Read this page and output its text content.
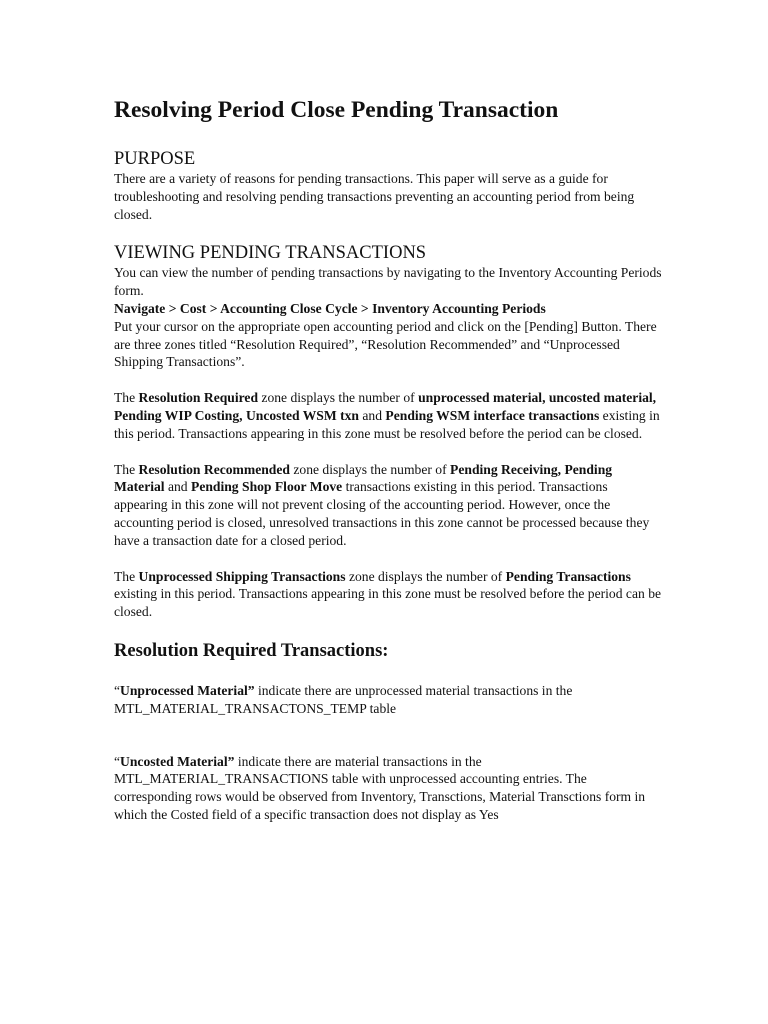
Resolving Period Close Pending Transaction
PURPOSE

There are a variety of reasons for pending transactions. This paper will serve as a guide for troubleshooting and resolving pending transactions preventing an accounting period from being closed.

VIEWING PENDING TRANSACTIONS

You can view the number of pending transactions by navigating to the Inventory Accounting Periods form.

Navigate > Cost > Accounting Close Cycle > Inventory Accounting Periods

Put your cursor on the appropriate open accounting period and click on the [Pending] Button. There are three zones titled “Resolution Required”, “Resolution Recommended” and “Unprocessed Shipping Transactions”.

The Resolution Required zone displays the number of unprocessed material, uncosted material, Pending WIP Costing, Uncosted WSM txn and Pending WSM interface transactions existing in this period. Transactions appearing in this zone must be resolved before the period can be closed.

The Resolution Recommended zone displays the number of Pending Receiving, Pending Material and Pending Shop Floor Move transactions existing in this period. Transactions appearing in this zone will not prevent closing of the accounting period. However, once the accounting period is closed, unresolved transactions in this zone cannot be processed because they have a transaction date for a closed period.

The Unprocessed Shipping Transactions zone displays the number of Pending Transactions existing in this period. Transactions appearing in this zone must be resolved before the period can be closed.

Resolution Required Transactions:

“Unprocessed Material” indicate there are unprocessed material transactions in the MTL_MATERIAL_TRANSACTONS_TEMP table

“Uncosted Material” indicate there are material transactions in the MTL_MATERIAL_TRANSACTIONS table with unprocessed accounting entries. The corresponding rows would be observed from Inventory, Transctions, Material Transctions form in which the Costed field of a specific transaction does not display as Yes
